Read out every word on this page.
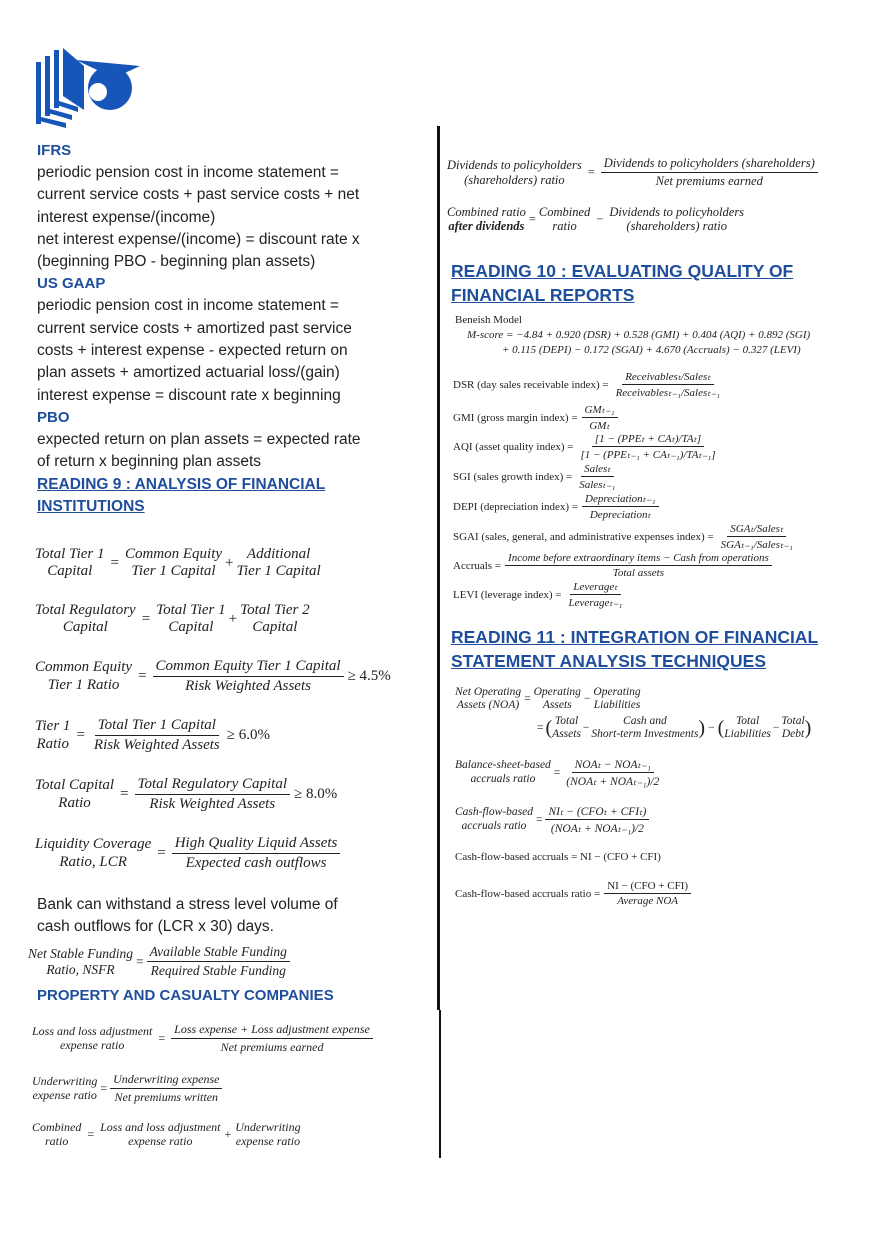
IFRS
periodic pension cost in income statement =
current service costs + past service costs + net
interest expense/(income)
net interest expense/(income) = discount rate x
(beginning PBO - beginning plan assets)
US GAAP
periodic pension cost in income statement =
current service costs + amortized past service
costs + interest expense - expected return on
plan assets + amortized actuarial loss/(gain)
interest expense = discount rate x beginning
PBO
expected return on plan assets = expected rate
of return x beginning plan assets
READING 9 : ANALYSIS OF FINANCIAL
INSTITUTIONS
Total Tier 1
Capital
=
Common Equity
Tier 1 Capital
+
Additional
Tier 1 Capital
Total Regulatory
Capital
=
Total Tier 1
Capital
+
Total Tier 2
Capital
Common Equity
Tier 1 Ratio
= $\frac{\text{Common Equity Tier 1 Capital}}{\text{Risk Weighted Assets}} \ge 4.5\%$
Tier 1
Ratio
= $\frac{\text{Total Tier 1 Capital}}{\text{Risk Weighted Assets}} \ge 6.0\%$
Total Capital
Ratio
= $\frac{\text{Total Regulatory Capital}}{\text{Risk Weighted Assets}} \ge 8.0\%$
Liquidity Coverage
Ratio, LCR
= $\frac{\text{High Quality Liquid Assets}}{\text{Expected cash outflows}}$
Bank can withstand a stress level volume of
cash outflows for (LCR x 30) days.
Net Stable Funding
Ratio, NSFR
= $\frac{\text{Available Stable Funding}}{\text{Required Stable Funding}}$
PROPERTY AND CASUALTY COMPANIES
Loss and loss adjustment
expense ratio	= $\frac{\text{Loss expense + Loss adjustment expense}}{\text{Net premiums earned}}$
Underwriting
expense ratio = $\frac{\text{Underwriting expense}}{\text{Net premiums written}}$
Combined
ratio =
Loss and loss adjustment
expense ratio	+
Underwriting
expense ratio
Dividends to policyholders
(shareholders) ratio
= $\frac{\text{Dividends to policyholders (shareholders)}}{\text{Net premiums earned}}$
Combined ratio
after dividends
= Combined
ratio
− Dividends to policyholders
(shareholders) ratio
READING 10 : EVALUATING QUALITY OF
FINANCIAL REPORTS
Beneish Model
M-score = −4.84 + 0.920 (DSR) + 0.528 (GMI) + 0.404 (AQI) + 0.892 (SGI)
+ 0.115 (DEPI) − 0.172 (SGAI) + 4.670 (Accruals) − 0.327 (LEVI)
DSR (day sales receivable index) = $\frac{\text{Receivablesₜ/Salesₜ}}{\text{Receivablesₜ₋₁/Salesₜ₋₁}}$
GMI (gross margin index) = $\frac{\text{GMₜ₋₁}}{\text{GMₜ}}$
AQI (asset quality index) = $\frac{\text{[1 − (PPEₜ + CAₜ)/TAₜ]}}{\text{[1 − (PPEₜ₋₁ + CAₜ₋₁)/TAₜ₋₁]}}$
SGI (sales growth index) = $\frac{\text{Salesₜ}}{\text{Salesₜ₋₁}}$
DEPI (depreciation index) = $\frac{\text{Depreciationₜ₋₁}}{\text{Depreciationₜ}}$
SGAI (sales, general, and administrative expenses index) = $\frac{\text{SGAₜ/Salesₜ}}{\text{SGAₜ₋₁/Salesₜ₋₁}}$
Accruals = $\frac{\text{Income before extraordinary items − Cash from operations}}{\text{Total assets}}$
LEVI (leverage index) = $\frac{\text{Leverageₜ}}{\text{Leverageₜ₋₁}}$
READING 11 : INTEGRATION OF FINANCIAL
STATEMENT ANALYSIS TECHNIQUES
Net Operating
Assets (NOA) =
Operating
Assets −
Operating
Liabilities
= ( Total
Assets −
Cash and
Short-term Investments ) − ( Total
Liabilities −
Total
Debt )
Balance-sheet-based
accruals ratio = $\frac{\text{NOAₜ − NOAₜ₋₁}}{\text{(NOAₜ + NOAₜ₋₁)/2}}$
Cash-flow-based
accruals ratio = $\frac{\text{NIₜ − (CFOₜ + CFIₜ)}}{\text{(NOAₜ + NOAₜ₋₁)/2}}$
Cash-flow-based accruals = NI − (CFO + CFI)
Cash-flow-based accruals ratio = $\frac{\text{NI − (CFO + CFI)}}{\text{Average NOA}}$
